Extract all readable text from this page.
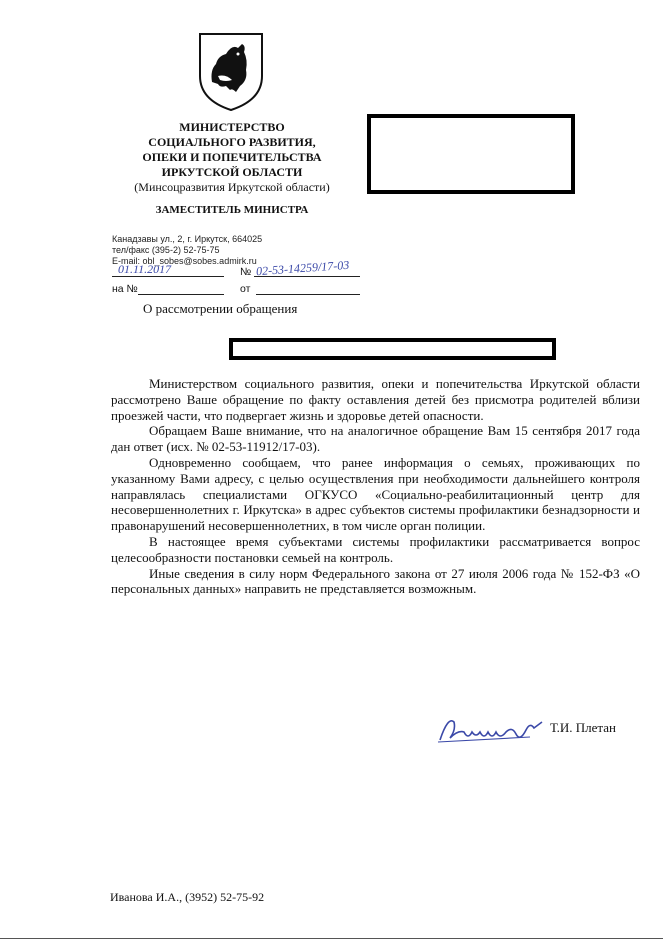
МИНИСТЕРСТВО
СОЦИАЛЬНОГО РАЗВИТИЯ,
ОПЕКИ И ПОПЕЧИТЕЛЬСТВА
ИРКУТСКОЙ ОБЛАСТИ
(Минсоцразвития Иркутской области)
ЗАМЕСТИТЕЛЬ МИНИСТРА
Канадзавы ул., 2, г. Иркутск, 664025
тел/факс (395-2) 52-75-75
E-mail: obl_sobes@sobes.admirk.ru
01.11.2017	№ 02-53-14259/17-03
на №	от
О рассмотрении обращения

Министерством социального развития, опеки и попечительства Иркутской области рассмотрено Ваше обращение по факту оставления детей без присмотра родителей вблизи проезжей части, что подвергает жизнь и здоровье детей опасности.

Обращаем Ваше внимание, что на аналогичное обращение Вам 15 сентября 2017 года дан ответ (исх. № 02-53-11912/17-03).

Одновременно сообщаем, что ранее информация о семьях, проживающих по указанному Вами адресу, с целью осуществления при необходимости дальнейшего контроля направлялась специалистами ОГКУСО «Социально-реабилитационный центр для несовершеннолетних г. Иркутска» в адрес субъектов системы профилактики безнадзорности и правонарушений несовершеннолетних, в том числе орган полиции.

В настоящее время субъектами системы профилактики рассматривается вопрос целесообразности постановки семьей на контроль.

Иные сведения в силу норм Федерального закона от 27 июля 2006 года № 152-ФЗ «О персональных данных» направить не представляется возможным.

Т.И. Плетан
Иванова И.А., (3952) 52-75-92
